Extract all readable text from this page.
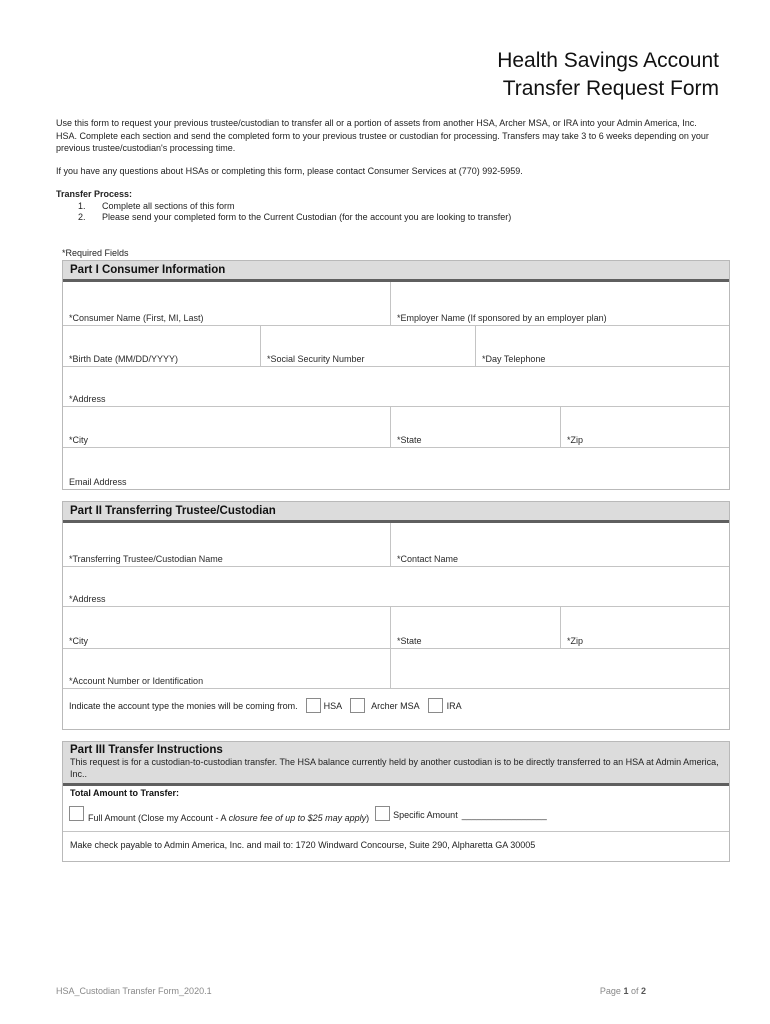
Health Savings Account
Transfer Request Form
Use this form to request your previous trustee/custodian to transfer all or a portion of assets from another HSA, Archer MSA, or IRA into your Admin America, Inc. HSA. Complete each section and send the completed form to your previous trustee or custodian for processing. Transfers may take 3 to 6 weeks depending on your previous trustee/custodian's processing time.
If you have any questions about HSAs or completing this form, please contact Consumer Services at (770) 992-5959.
Transfer Process:
1. Complete all sections of this form
2. Please send your completed form to the Current Custodian (for the account you are looking to transfer)
*Required Fields
Part I Consumer Information
*Consumer Name (First, MI, Last)	*Employer Name (If sponsored by an employer plan)
*Birth Date (MM/DD/YYYY)	*Social Security Number	*Day Telephone
*Address
*City	*State	*Zip
Email Address
Part II Transferring Trustee/Custodian
*Transferring Trustee/Custodian Name	*Contact Name
*Address
*City	*State	*Zip
*Account Number or Identification
Indicate the account type the monies will be coming from.	HSA	Archer MSA	IRA
Part III Transfer Instructions
This request is for a custodian-to-custodian transfer. The HSA balance currently held by another custodian is to be directly transferred to an HSA at Admin America, Inc..
Total Amount to Transfer:
Full Amount (Close my Account - A closure fee of up to $25 may apply)	Specific Amount _________________
Make check payable to Admin America, Inc. and mail to: 1720 Windward Concourse, Suite 290, Alpharetta GA 30005
HSA_Custodian Transfer Form_2020.1	Page 1 of 2
